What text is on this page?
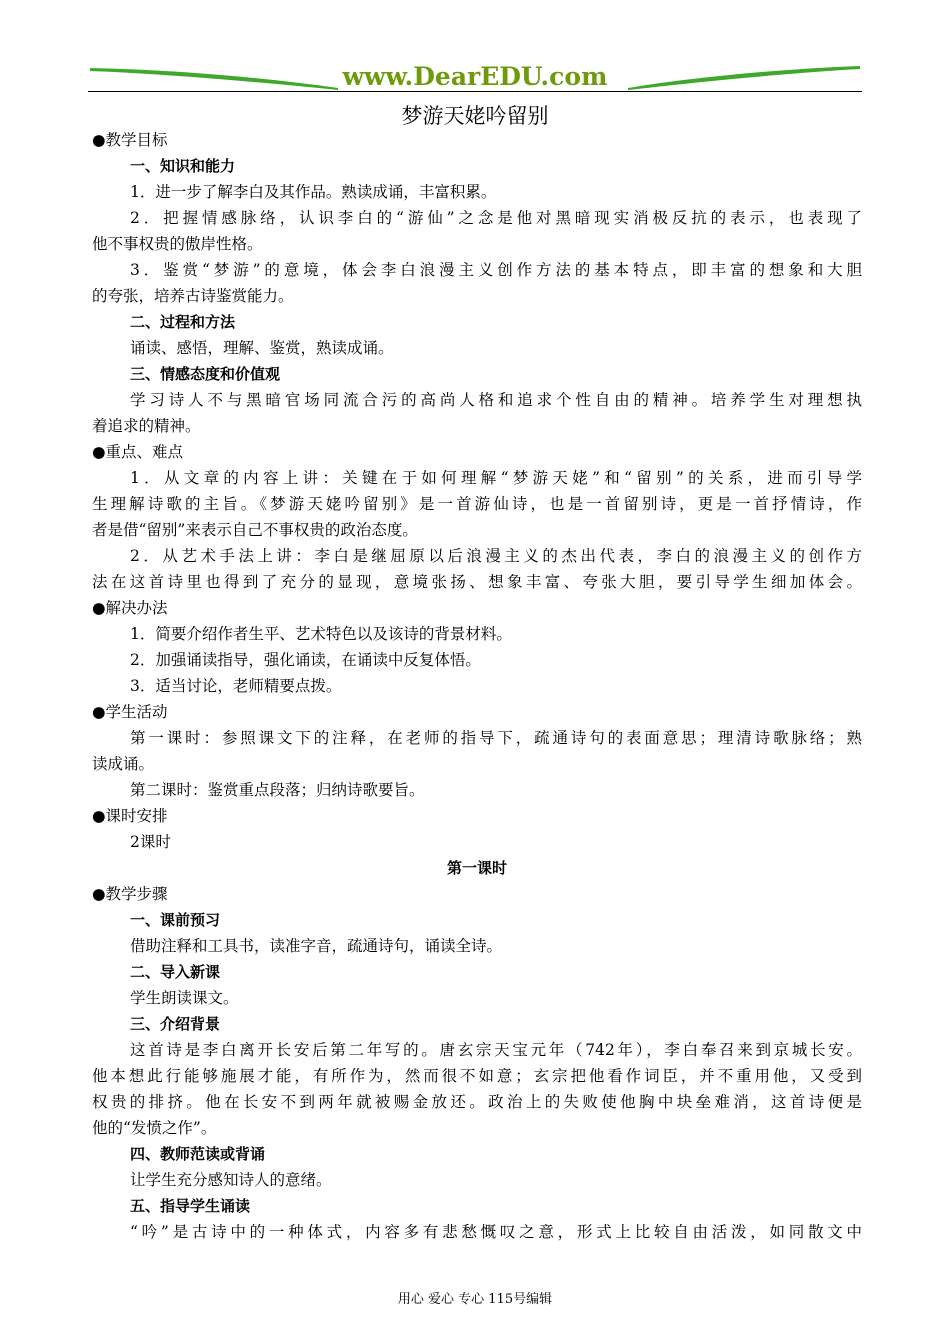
www.DearEDU.com
梦游天姥吟留别
●教学目标
一、知识和能力
1．进一步了解李白及其作品。熟读成诵，丰富积累。
2．把握情感脉络，认识李白的“游仙”之念是他对黑暗现实消极反抗的表示，也表现了
他不事权贵的傲岸性格。
3．鉴赏“梦游”的意境，体会李白浪漫主义创作方法的基本特点，即丰富的想象和大胆
的夸张，培养古诗鉴赏能力。
二、过程和方法
诵读、感悟，理解、鉴赏，熟读成诵。
三、情感态度和价值观
学习诗人不与黑暗官场同流合污的高尚人格和追求个性自由的精神。培养学生对理想执
着追求的精神。
●重点、难点
1．从文章的内容上讲：关键在于如何理解“梦游天姥”和“留别”的关系，进而引导学
生理解诗歌的主旨。《梦游天姥吟留别》是一首游仙诗，也是一首留别诗，更是一首抒情诗，作
者是借“留别”来表示自己不事权贵的政治态度。
2．从艺术手法上讲：李白是继屈原以后浪漫主义的杰出代表，李白的浪漫主义的创作方
法在这首诗里也得到了充分的显现，意境张扬、想象丰富、夸张大胆，要引导学生细加体会。
●解决办法
1．简要介绍作者生平、艺术特色以及该诗的背景材料。
2．加强诵读指导，强化诵读，在诵读中反复体悟。
3．适当讨论，老师精要点拨。
●学生活动
第一课时：参照课文下的注释，在老师的指导下，疏通诗句的表面意思；理清诗歌脉络；熟
读成诵。
第二课时：鉴赏重点段落；归纳诗歌要旨。
●课时安排
2课时
第一课时
●教学步骤
一、课前预习
借助注释和工具书，读准字音，疏通诗句，诵读全诗。
二、导入新课
学生朗读课文。
三、介绍背景
这首诗是李白离开长安后第二年写的。唐玄宗天宝元年（742年），李白奉召来到京城长安。
他本想此行能够施展才能，有所作为，然而很不如意；玄宗把他看作词臣，并不重用他，又受到
权贵的排挤。他在长安不到两年就被赐金放还。政治上的失败使他胸中块垒难消，这首诗便是
他的“发愤之作”。
四、教师范读或背诵
让学生充分感知诗人的意绪。
五、指导学生诵读
“吟”是古诗中的一种体式，内容多有悲愁慨叹之意，形式上比较自由活泼，如同散文中
用心 爱心 专心 115号编辑
